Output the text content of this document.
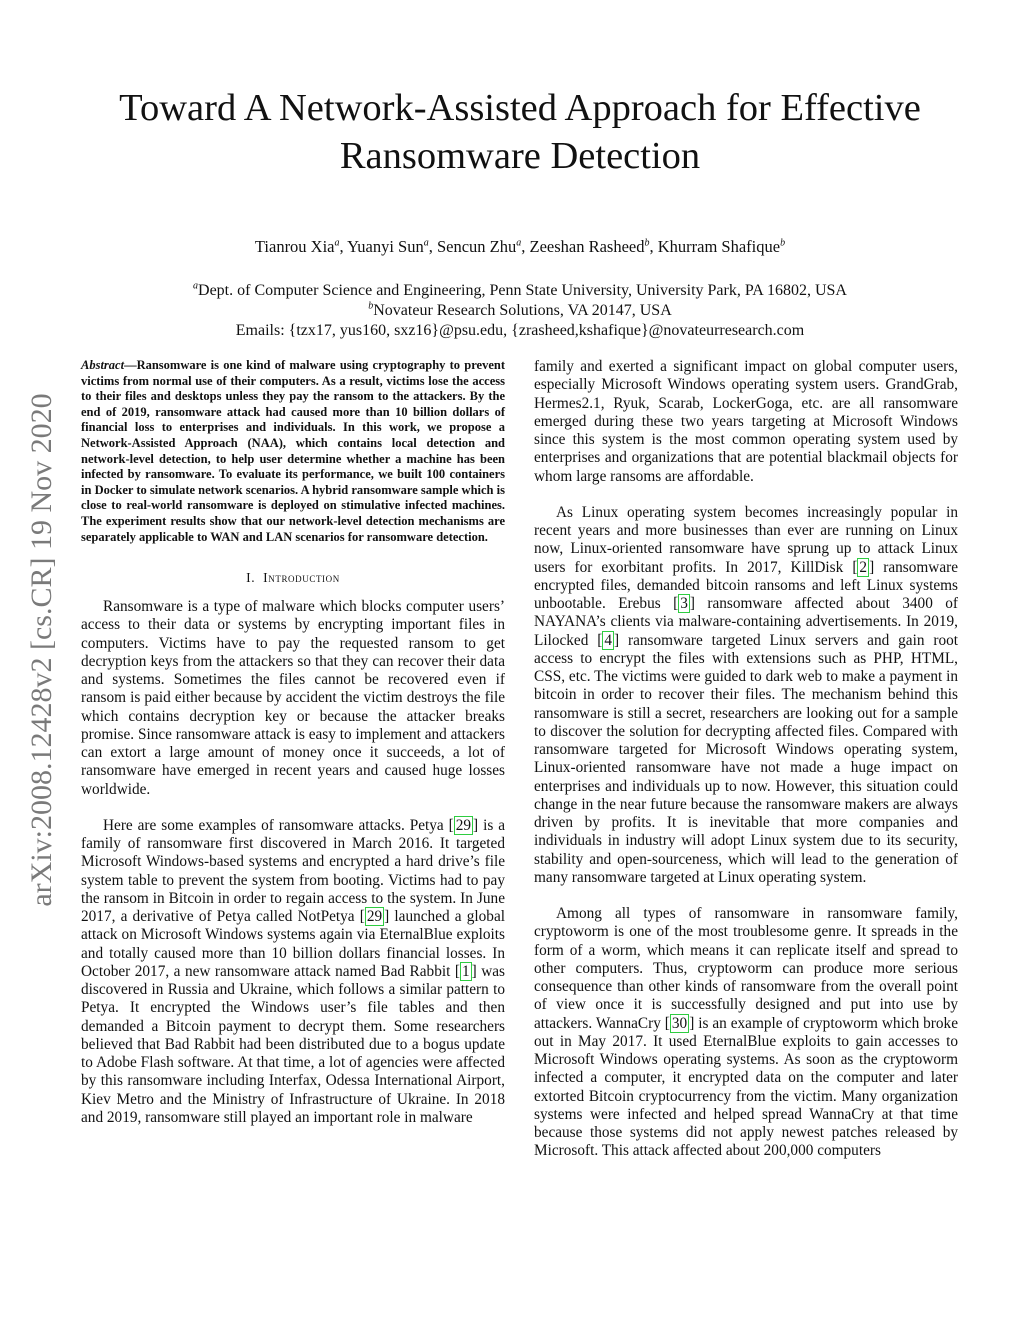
arXiv:2008.12428v2 [cs.CR] 19 Nov 2020
Toward A Network-Assisted Approach for Effective Ransomware Detection
Tianrou Xia$^a$, Yuanyi Sun$^a$, Sencun Zhu$^a$, Zeeshan Rasheed$^b$, Khurram Shafique$^b$
$^a$Dept. of Computer Science and Engineering, Penn State University, University Park, PA 16802, USA
$^b$Novateur Research Solutions, VA 20147, USA
Emails: {tzx17, yus160, sxz16}@psu.edu, {zrasheed,kshafique}@novateurresearch.com

Abstract—Ransomware is one kind of malware using cryptography to prevent victims from normal use of their computers. As a result, victims lose the access to their files and desktops unless they pay the ransom to the attackers. By the end of 2019, ransomware attack had caused more than 10 billion dollars of financial loss to enterprises and individuals. In this work, we propose a Network-Assisted Approach (NAA), which contains local detection and network-level detection, to help user determine whether a machine has been infected by ransomware. To evaluate its performance, we built 100 containers in Docker to simulate network scenarios. A hybrid ransomware sample which is close to real-world ransomware is deployed on stimulative infected machines. The experiment results show that our network-level detection mechanisms are separately applicable to WAN and LAN scenarios for ransomware detection.

I. Introduction

Ransomware is a type of malware which blocks computer users’ access to their data or systems by encrypting important files in computers. Victims have to pay the requested ransom to get decryption keys from the attackers so that they can recover their data and systems. Sometimes the files cannot be recovered even if ransom is paid either because by accident the victim destroys the file which contains decryption key or because the attacker breaks promise. Since ransomware attack is easy to implement and attackers can extort a large amount of money once it succeeds, a lot of ransomware have emerged in recent years and caused huge losses worldwide.

Here are some examples of ransomware attacks. Petya [ 29 ] is a family of ransomware first discovered in March 2016. It targeted Microsoft Windows-based systems and encrypted a hard drive’s file system table to prevent the system from booting. Victims had to pay the ransom in Bitcoin in order to regain access to the system. In June 2017, a derivative of Petya called NotPetya [ 29 ] launched a global attack on Microsoft Windows systems again via EternalBlue exploits and totally caused more than 10 billion dollars financial losses. In October 2017, a new ransomware attack named Bad Rabbit [ 1 ] was discovered in Russia and Ukraine, which follows a similar pattern to Petya. It encrypted the Windows user’s file tables and then demanded a Bitcoin payment to decrypt them. Some researchers believed that Bad Rabbit had been distributed due to a bogus update to Adobe Flash software. At that time, a lot of agencies were affected by this ransomware including Interfax, Odessa International Airport, Kiev Metro and the Ministry of Infrastructure of Ukraine. In 2018 and 2019, ransomware still played an important role in malware

family and exerted a significant impact on global computer users, especially Microsoft Windows operating system users. GrandGrab, Hermes2.1, Ryuk, Scarab, LockerGoga, etc. are all ransomware emerged during these two years targeting at Microsoft Windows since this system is the most common operating system used by enterprises and organizations that are potential blackmail objects for whom large ransoms are affordable.

As Linux operating system becomes increasingly popular in recent years and more businesses than ever are running on Linux now, Linux-oriented ransomware have sprung up to attack Linux users for exorbitant profits. In 2017, KillDisk [ 2 ] ransomware encrypted files, demanded bitcoin ransoms and left Linux systems unbootable. Erebus [ 3 ] ransomware affected about 3400 of NAYANA’s clients via malware-containing advertisements. In 2019, Lilocked [ 4 ] ransomware targeted Linux servers and gain root access to encrypt the files with extensions such as PHP, HTML, CSS, etc. The victims were guided to dark web to make a payment in bitcoin in order to recover their files. The mechanism behind this ransomware is still a secret, researchers are looking out for a sample to discover the solution for decrypting affected files. Compared with ransomware targeted for Microsoft Windows operating system, Linux-oriented ransomware have not made a huge impact on enterprises and individuals up to now. However, this situation could change in the near future because the ransomware makers are always driven by profits. It is inevitable that more companies and individuals in industry will adopt Linux system due to its security, stability and open-sourceness, which will lead to the generation of many ransomware targeted at Linux operating system.

Among all types of ransomware in ransomware family, cryptoworm is one of the most troublesome genre. It spreads in the form of a worm, which means it can replicate itself and spread to other computers. Thus, cryptoworm can produce more serious consequence than other kinds of ransomware from the overall point of view once it is successfully designed and put into use by attackers. WannaCry [ 30 ] is an example of cryptoworm which broke out in May 2017. It used EternalBlue exploits to gain accesses to Microsoft Windows operating systems. As soon as the cryptoworm infected a computer, it encrypted data on the computer and later extorted Bitcoin cryptocurrency from the victim. Many organization systems were infected and helped spread WannaCry at that time because those systems did not apply newest patches released by Microsoft. This attack affected about 200,000 computers
